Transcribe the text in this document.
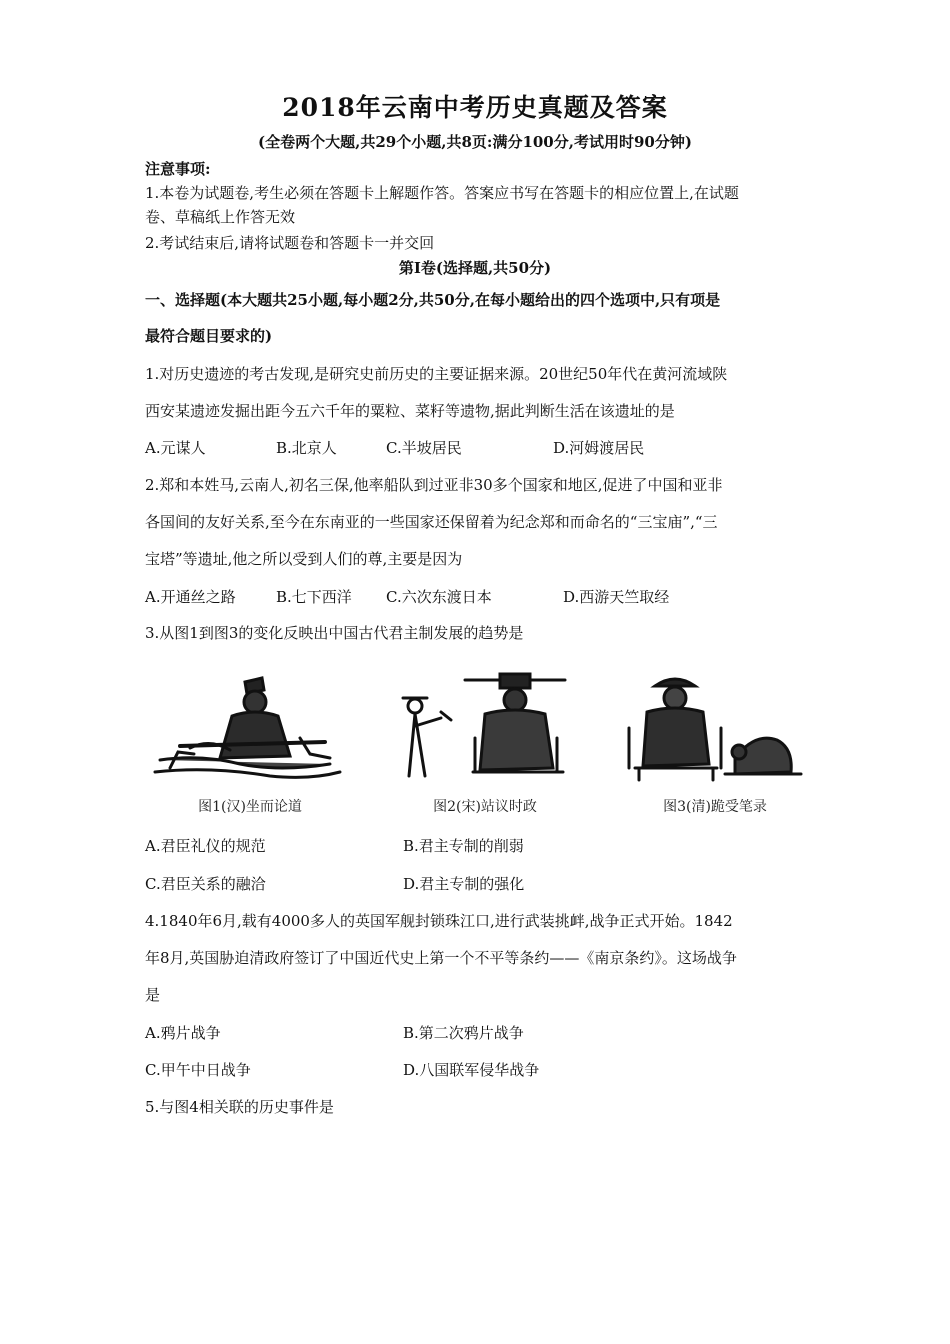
2018年云南中考历史真题及答案
(全卷两个大题,共29个小题,共8页:满分100分,考试用时90分钟)
注意事项:
1.本卷为试题卷,考生必须在答题卡上解题作答。答案应书写在答题卡的相应位置上,在试题
卷、草稿纸上作答无效
2.考试结束后,请将试题卷和答题卡一并交回
第Ⅰ卷(选择题,共50分)
一、选择题(本大题共25小题,每小题2分,共50分,在每小题给出的四个选项中,只有项是
最符合题目要求的)
1.对历史遗迹的考古发现,是研究史前历史的主要证据来源。20世纪50年代在黄河流域陕
西安某遗迹发掘出距今五六千年的粟粒、菜籽等遗物,据此判断生活在该遗址的是
A.元谋人	B.北京人	C.半坡居民	D.河姆渡居民
2.郑和本姓马,云南人,初名三保,他率船队到过亚非30多个国家和地区,促进了中国和亚非
各国间的友好关系,至今在东南亚的一些国家还保留着为纪念郑和而命名的“三宝庙”,“三
宝塔”等遗址,他之所以受到人们的尊,主要是因为
A.开通丝之路	B.七下西洋 C.六次东渡日本	D.西游天竺取经
3.从图1到图3的变化反映出中国古代君主制发展的趋势是
图1(汉)坐而论道	图2(宋)站议时政	图3(清)跪受笔录
A.君臣礼仪的规范	B.君主专制的削弱
C.君臣关系的融洽	D.君主专制的强化
4.1840年6月,载有4000多人的英国军舰封锁珠江口,进行武装挑衅,战争正式开始。1842
年8月,英国胁迫清政府签订了中国近代史上第一个不平等条约——《南京条约》。这场战争
是
A.鸦片战争	B.第二次鸦片战争
C.甲午中日战争	D.八国联军侵华战争
5.与图4相关联的历史事件是
